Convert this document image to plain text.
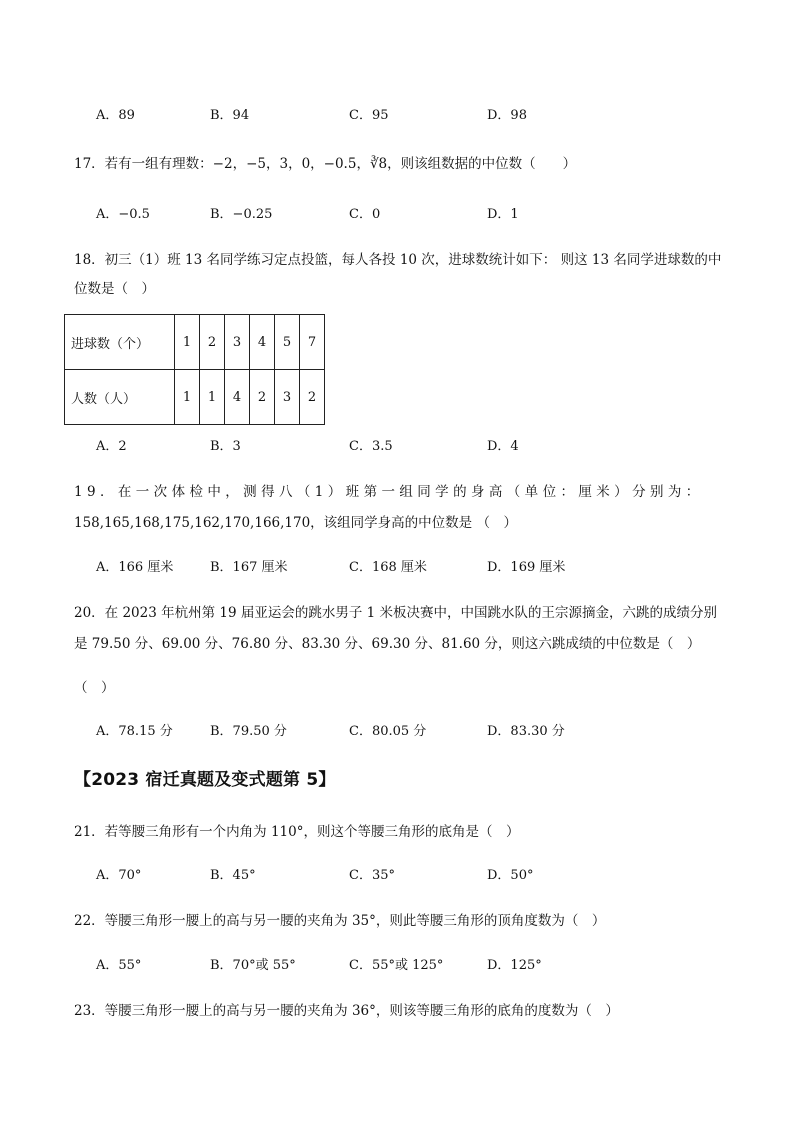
A．89	B．94	C．95	D．98
17．若有一组有理数：−2，−5，3，0，−0.5，∛8，则该组数据的中位数（　　）
A．−0.5	B．−0.25	C．0	D．1
18．初三（1）班 13 名同学练习定点投篮，每人各投 10 次，进球数统计如下： 则这 13 名同学进球数的中
位数是（　）
进球数（个）	1	2	3	4	5	7
人数（人）	1	1	4	2	3	2
A．2	B．3	C．3.5	D．4
19．在一次体检中，测得八（1）班第一组同学的身高（单位：厘米）分别为：
158,165,168,175,162,170,166,170，该组同学身高的中位数是 （　）
A．166 厘米	B．167 厘米	C．168 厘米	D．169 厘米
20．在 2023 年杭州第 19 届亚运会的跳水男子 1 米板决赛中，中国跳水队的王宗源摘金，六跳的成绩分别
是 79.50 分、69.00 分、76.80 分、83.30 分、69.30 分、81.60 分，则这六跳成绩的中位数是（　）
（　）
A．78.15 分	B．79.50 分	C．80.05 分	D．83.30 分
【2023 宿迁真题及变式题第 5】
21．若等腰三角形有一个内角为 110°，则这个等腰三角形的底角是（　）
A．70°	B．45°	C．35°	D．50°
22．等腰三角形一腰上的高与另一腰的夹角为 35°，则此等腰三角形的顶角度数为（　）
A．55°	B．70°或 55°	C．55°或 125°	D．125°
23．等腰三角形一腰上的高与另一腰的夹角为 36°，则该等腰三角形的底角的度数为（　）
